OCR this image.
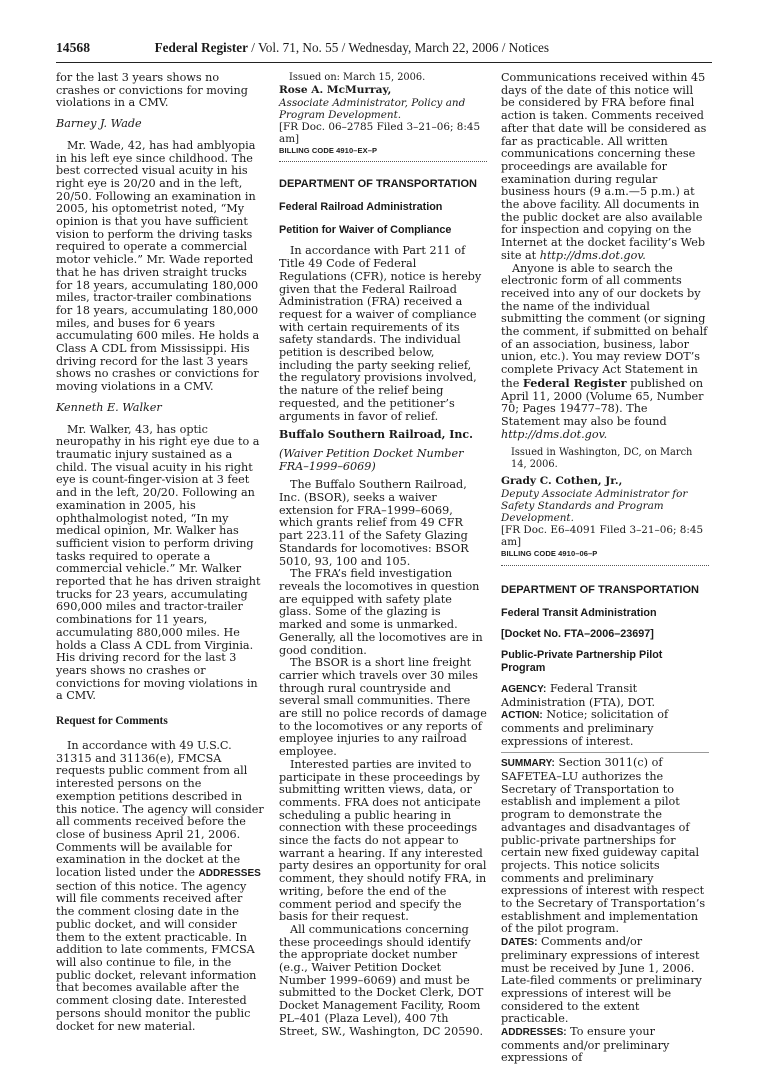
14568	Federal Register / Vol. 71, No. 55 / Wednesday, March 22, 2006 / Notices

for the last 3 years shows no crashes or convictions for moving violations in a CMV.

Barney J. Wade

Mr. Wade, 42, has had amblyopia in his left eye since childhood. The best corrected visual acuity in his right eye is 20/20 and in the left, 20/50. Following an examination in 2005, his optometrist noted, “My opinion is that you have sufficient vision to perform the driving tasks required to operate a commercial motor vehicle.” Mr. Wade reported that he has driven straight trucks for 18 years, accumulating 180,000 miles, tractor-trailer combinations for 18 years, accumulating 180,000 miles, and buses for 6 years accumulating 600 miles. He holds a Class A CDL from Mississippi. His driving record for the last 3 years shows no crashes or convictions for moving violations in a CMV.

Kenneth E. Walker

Mr. Walker, 43, has optic neuropathy in his right eye due to a traumatic injury sustained as a child. The visual acuity in his right eye is count-finger-vision at 3 feet and in the left, 20/20. Following an examination in 2005, his ophthalmologist noted, “In my medical opinion, Mr. Walker has sufficient vision to perform driving tasks required to operate a commercial vehicle.” Mr. Walker reported that he has driven straight trucks for 23 years, accumulating 690,000 miles and tractor-trailer combinations for 11 years, accumulating 880,000 miles. He holds a Class A CDL from Virginia. His driving record for the last 3 years shows no crashes or convictions for moving violations in a CMV.

Request for Comments

In accordance with 49 U.S.C. 31315 and 31136(e), FMCSA requests public comment from all interested persons on the exemption petitions described in this notice. The agency will consider all comments received before the close of business April 21, 2006. Comments will be available for examination in the docket at the location listed under the ADDRESSES section of this notice. The agency will file comments received after the comment closing date in the public docket, and will consider them to the extent practicable. In addition to late comments, FMCSA will also continue to file, in the public docket, relevant information that becomes available after the comment closing date. Interested persons should monitor the public docket for new material.

Issued on: March 15, 2006.

Rose A. McMurray,

Associate Administrator, Policy and Program Development.

[FR Doc. 06–2785 Filed 3–21–06; 8:45 am]

BILLING CODE 4910–EX–P

DEPARTMENT OF TRANSPORTATION

Federal Railroad Administration

Petition for Waiver of Compliance

In accordance with Part 211 of Title 49 Code of Federal Regulations (CFR), notice is hereby given that the Federal Railroad Administration (FRA) received a request for a waiver of compliance with certain requirements of its safety standards. The individual petition is described below, including the party seeking relief, the regulatory provisions involved, the nature of the relief being requested, and the petitioner’s arguments in favor of relief.

Buffalo Southern Railroad, Inc.

(Waiver Petition Docket Number FRA–1999–6069)

The Buffalo Southern Railroad, Inc. (BSOR), seeks a waiver extension for FRA–1999–6069, which grants relief from 49 CFR part 223.11 of the Safety Glazing Standards for locomotives: BSOR 5010, 93, 100 and 105.

The FRA’s field investigation reveals the locomotives in question are equipped with safety plate glass. Some of the glazing is marked and some is unmarked. Generally, all the locomotives are in good condition.

The BSOR is a short line freight carrier which travels over 30 miles through rural countryside and several small communities. There are still no police records of damage to the locomotives or any reports of employee injuries to any railroad employee.

Interested parties are invited to participate in these proceedings by submitting written views, data, or comments. FRA does not anticipate scheduling a public hearing in connection with these proceedings since the facts do not appear to warrant a hearing. If any interested party desires an opportunity for oral comment, they should notify FRA, in writing, before the end of the comment period and specify the basis for their request.

All communications concerning these proceedings should identify the appropriate docket number (e.g., Waiver Petition Docket Number 1999–6069) and must be submitted to the Docket Clerk, DOT Docket Management Facility, Room PL–401 (Plaza Level), 400 7th Street, SW., Washington, DC 20590.

Communications received within 45 days of the date of this notice will be considered by FRA before final action is taken. Comments received after that date will be considered as far as practicable. All written communications concerning these proceedings are available for examination during regular business hours (9 a.m.—5 p.m.) at the above facility. All documents in the public docket are also available for inspection and copying on the Internet at the docket facility’s Web site at http://dms.dot.gov.

Anyone is able to search the electronic form of all comments received into any of our dockets by the name of the individual submitting the comment (or signing the comment, if submitted on behalf of an association, business, labor union, etc.). You may review DOT’s complete Privacy Act Statement in the Federal Register published on April 11, 2000 (Volume 65, Number 70; Pages 19477–78). The Statement may also be found http://dms.dot.gov.

Issued in Washington, DC, on March 14, 2006.

Grady C. Cothen, Jr.,

Deputy Associate Administrator for Safety Standards and Program Development.

[FR Doc. E6–4091 Filed 3–21–06; 8:45 am]

BILLING CODE 4910–06–P

DEPARTMENT OF TRANSPORTATION

Federal Transit Administration

[Docket No. FTA–2006–23697]

Public-Private Partnership Pilot Program

AGENCY: Federal Transit Administration (FTA), DOT.

ACTION: Notice; solicitation of comments and preliminary expressions of interest.

SUMMARY: Section 3011(c) of SAFETEA–LU authorizes the Secretary of Transportation to establish and implement a pilot program to demonstrate the advantages and disadvantages of public-private partnerships for certain new fixed guideway capital projects. This notice solicits comments and preliminary expressions of interest with respect to the Secretary of Transportation’s establishment and implementation of the pilot program.

DATES: Comments and/or preliminary expressions of interest must be received by June 1, 2006. Late-filed comments or preliminary expressions of interest will be considered to the extent practicable.

ADDRESSES: To ensure your comments and/or preliminary expressions of
